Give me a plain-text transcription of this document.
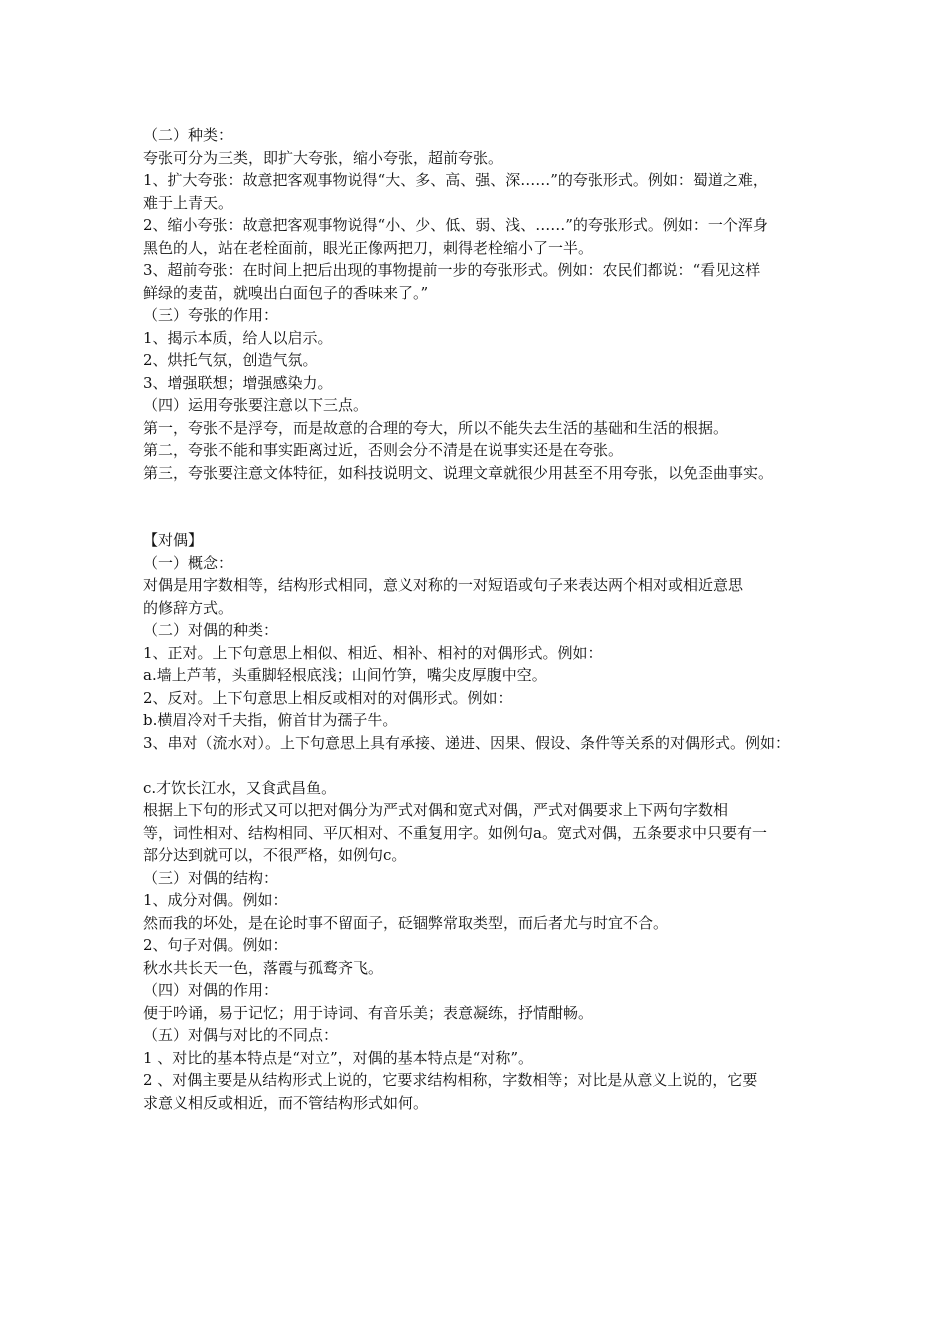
（二）种类：
夸张可分为三类，即扩大夸张，缩小夸张，超前夸张。
1、扩大夸张：故意把客观事物说得“大、多、高、强、深……”的夸张形式。例如：蜀道之难，
难于上青天。
2、缩小夸张：故意把客观事物说得“小、少、低、弱、浅、……”的夸张形式。例如：一个浑身
黑色的人，站在老栓面前，眼光正像两把刀，刺得老栓缩小了一半。
3、超前夸张：在时间上把后出现的事物提前一步的夸张形式。例如：农民们都说：“看见这样
鲜绿的麦苗，就嗅出白面包子的香味来了。”
（三）夸张的作用：
1、揭示本质，给人以启示。
2、烘托气氛，创造气氛。
3、增强联想；增强感染力。
（四）运用夸张要注意以下三点。
第一，夸张不是浮夸，而是故意的合理的夸大，所以不能失去生活的基础和生活的根据。
第二，夸张不能和事实距离过近，否则会分不清是在说事实还是在夸张。
第三，夸张要注意文体特征，如科技说明文、说理文章就很少用甚至不用夸张，以免歪曲事实。
【对偶】
（一）概念：
对偶是用字数相等，结构形式相同，意义对称的一对短语或句子来表达两个相对或相近意思
的修辞方式。
（二）对偶的种类：
1、正对。上下句意思上相似、相近、相补、相衬的对偶形式。例如：
a.墙上芦苇，头重脚轻根底浅；山间竹笋，嘴尖皮厚腹中空。
2、反对。上下句意思上相反或相对的对偶形式。例如：
b.横眉冷对千夫指，俯首甘为孺子牛。
3、串对（流水对）。上下句意思上具有承接、递进、因果、假设、条件等关系的对偶形式。例如：
c.才饮长江水，又食武昌鱼。
根据上下句的形式又可以把对偶分为严式对偶和宽式对偶，严式对偶要求上下两句字数相
等，词性相对、结构相同、平仄相对、不重复用字。如例句a。宽式对偶，五条要求中只要有一
部分达到就可以，不很严格，如例句c。
（三）对偶的结构：
1、成分对偶。例如：
然而我的坏处，是在论时事不留面子，砭锢弊常取类型，而后者尤与时宜不合。
2、句子对偶。例如：
秋水共长天一色，落霞与孤鹜齐飞。
（四）对偶的作用：
便于吟诵，易于记忆；用于诗词、有音乐美；表意凝练，抒情酣畅。
（五）对偶与对比的不同点：
1 、对比的基本特点是“对立”，对偶的基本特点是“对称”。
2 、对偶主要是从结构形式上说的，它要求结构相称，字数相等；对比是从意义上说的，它要
求意义相反或相近，而不管结构形式如何。
